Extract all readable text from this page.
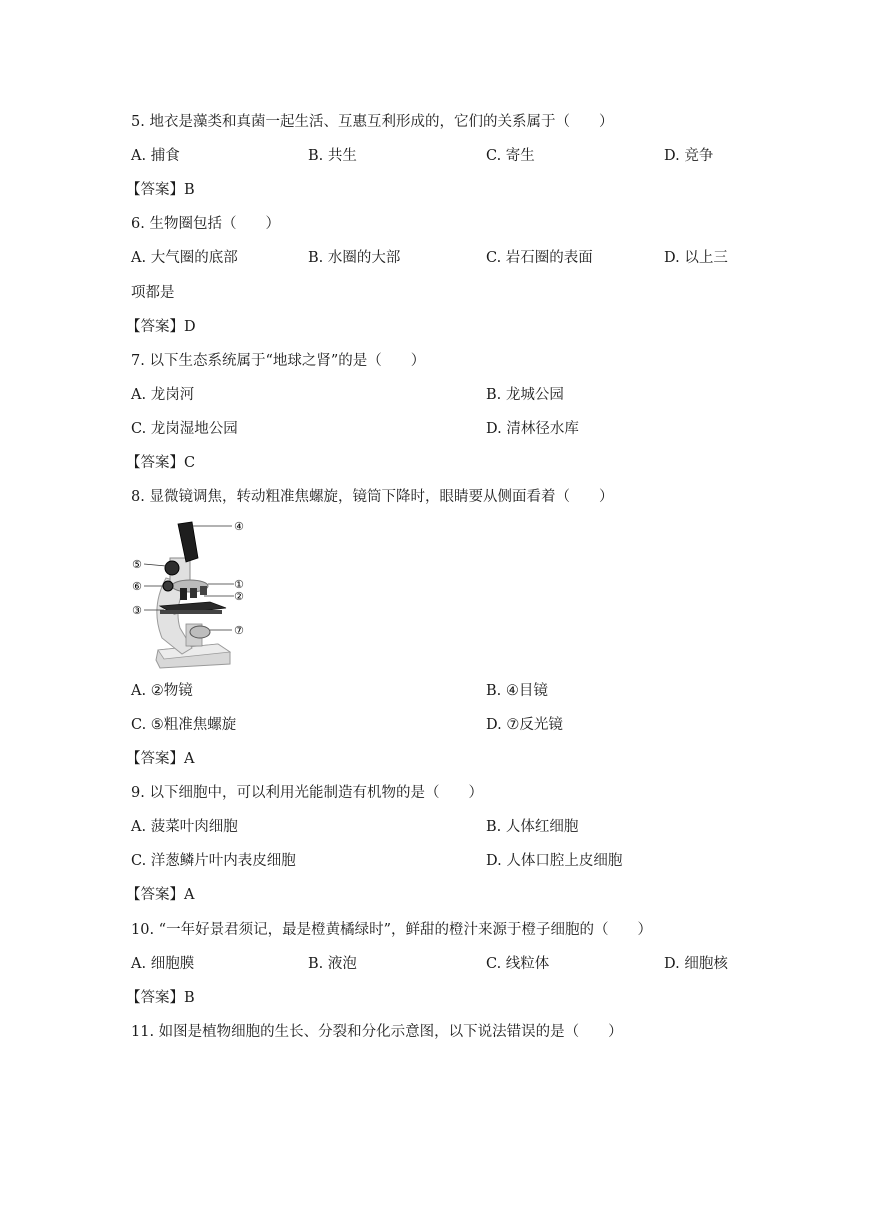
5. 地衣是藻类和真菌一起生活、互惠互利形成的，它们的关系属于（　　）
A. 捕食	B. 共生	C. 寄生	D. 竞争
【答案】B
6. 生物圈包括（　　）
A. 大气圈的底部	B. 水圈的大部	C. 岩石圈的表面	D. 以上三
项都是
【答案】D
7. 以下生态系统属于“地球之肾”的是（　　）
A. 龙岗河	B. 龙城公园
C. 龙岗湿地公园	D. 清林径水库
【答案】C
8. 显微镜调焦，转动粗准焦螺旋，镜筒下降时，眼睛要从侧面看着（　　）
④
⑤
⑥	①
②
③
⑦
A. ②物镜	B. ④目镜
C. ⑤粗准焦螺旋	D. ⑦反光镜
【答案】A
9. 以下细胞中，可以利用光能制造有机物的是（　　）
A. 菠菜叶肉细胞	B. 人体红细胞
C. 洋葱鳞片叶内表皮细胞	D. 人体口腔上皮细胞
【答案】A
10. “一年好景君须记，最是橙黄橘绿时”，鲜甜的橙汁来源于橙子细胞的（　　）
A. 细胞膜	B. 液泡	C. 线粒体	D. 细胞核
【答案】B
11. 如图是植物细胞的生长、分裂和分化示意图，以下说法错误的是（　　）
